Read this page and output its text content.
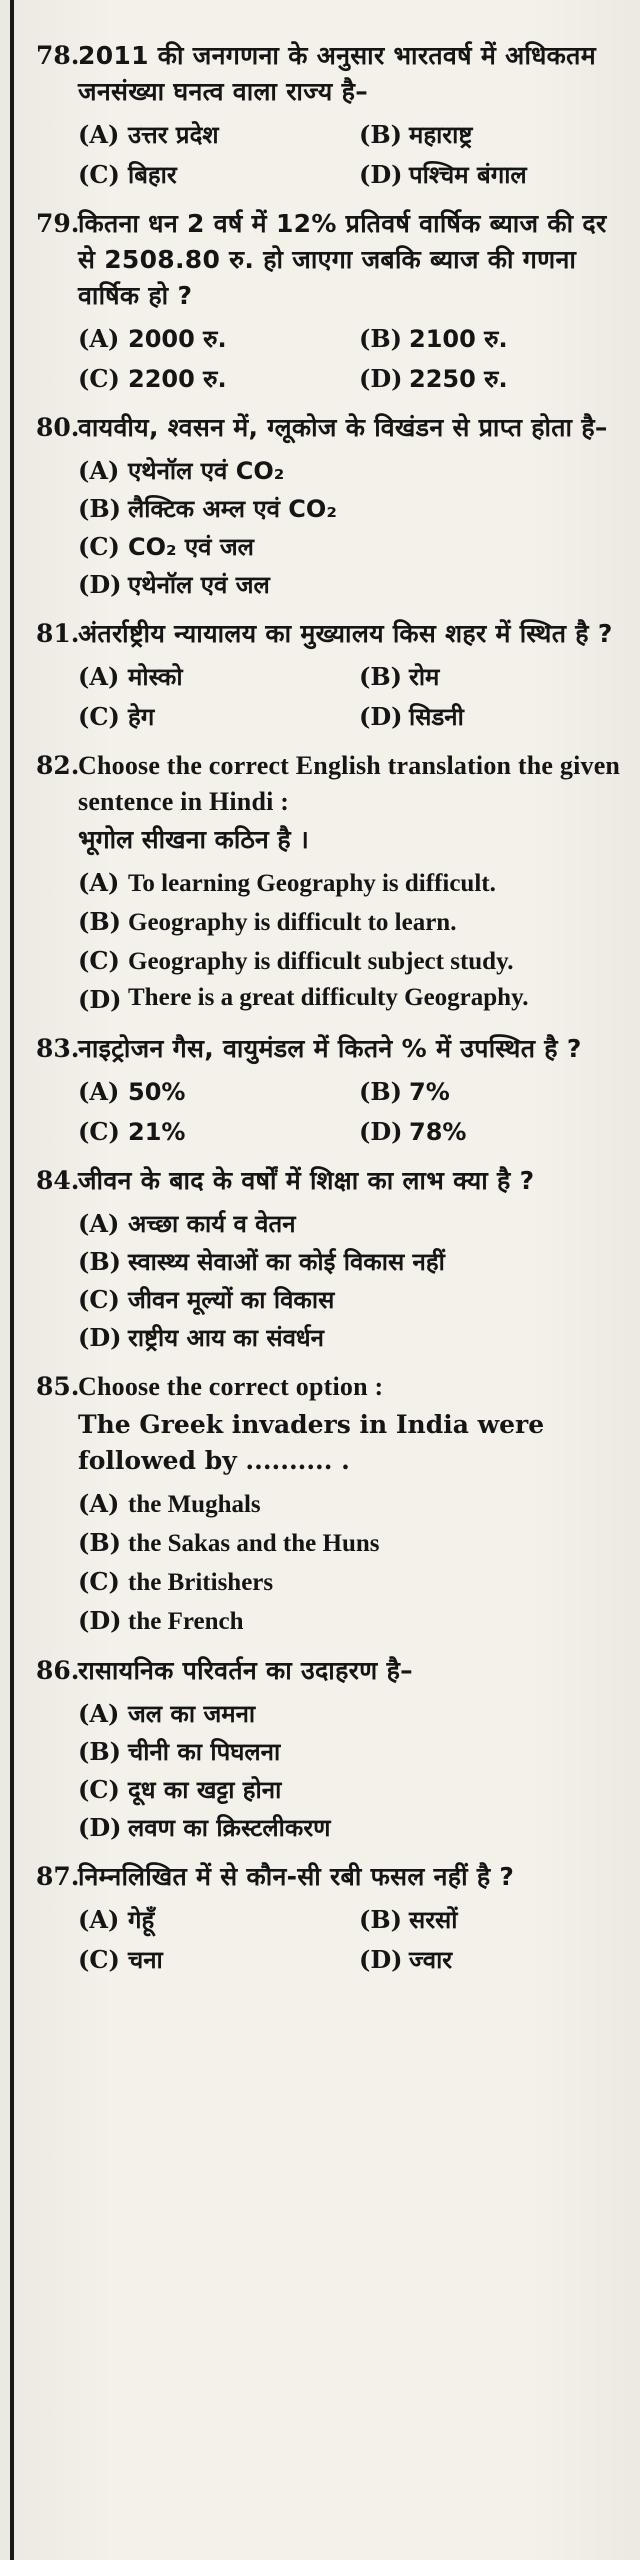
78.
2011 की जनगणना के अनुसार भारतवर्ष में अधिकतम जनसंख्या घनत्व वाला राज्य है–
(A) उत्तर प्रदेश	(B) महाराष्ट्र
(C) बिहार	(D) पश्चिम बंगाल
79.
कितना धन 2 वर्ष में 12% प्रतिवर्ष वार्षिक ब्याज की दर से 2508.80 रु. हो जाएगा जबकि ब्याज की गणना वार्षिक हो ?
(A) 2000 रु.	(B) 2100 रु.
(C) 2200 रु.	(D) 2250 रु.
80.
वायवीय, श्वसन में, ग्लूकोज के विखंडन से प्राप्त होता है–
(A) एथेनॉल एवं CO₂
(B) लैक्टिक अम्ल एवं CO₂
(C) CO₂ एवं जल
(D) एथेनॉल एवं जल
81.
अंतर्राष्ट्रीय न्यायालय का मुख्यालय किस शहर में स्थित है ?
(A) मोस्को	(B) रोम
(C) हेग	(D) सिडनी
82.
Choose the correct English translation the given sentence in Hindi :
भूगोल सीखना कठिन है ।
(A) To learning Geography is difficult.
(B) Geography is difficult to learn.
(C) Geography is difficult subject study.
(D) There is a great difficulty Geography.
83.
नाइट्रोजन गैस, वायुमंडल में कितने % में उपस्थित है ?
(A) 50%	(B) 7%
(C) 21%	(D) 78%
84.
जीवन के बाद के वर्षों में शिक्षा का लाभ क्या है ?
(A) अच्छा कार्य व वेतन
(B) स्वास्थ्य सेवाओं का कोई विकास नहीं
(C) जीवन मूल्यों का विकास
(D) राष्ट्रीय आय का संवर्धन
85.
Choose the correct option :
The Greek invaders in India were followed by .......... .
(A) the Mughals
(B) the Sakas and the Huns
(C) the Britishers
(D) the French
86.
रासायनिक परिवर्तन का उदाहरण है–
(A) जल का जमना
(B) चीनी का पिघलना
(C) दूध का खट्टा होना
(D) लवण का क्रिस्टलीकरण
87.
निम्नलिखित में से कौन-सी रबी फसल नहीं है ?
(A) गेहूँ	(B) सरसों
(C) चना	(D) ज्वार
